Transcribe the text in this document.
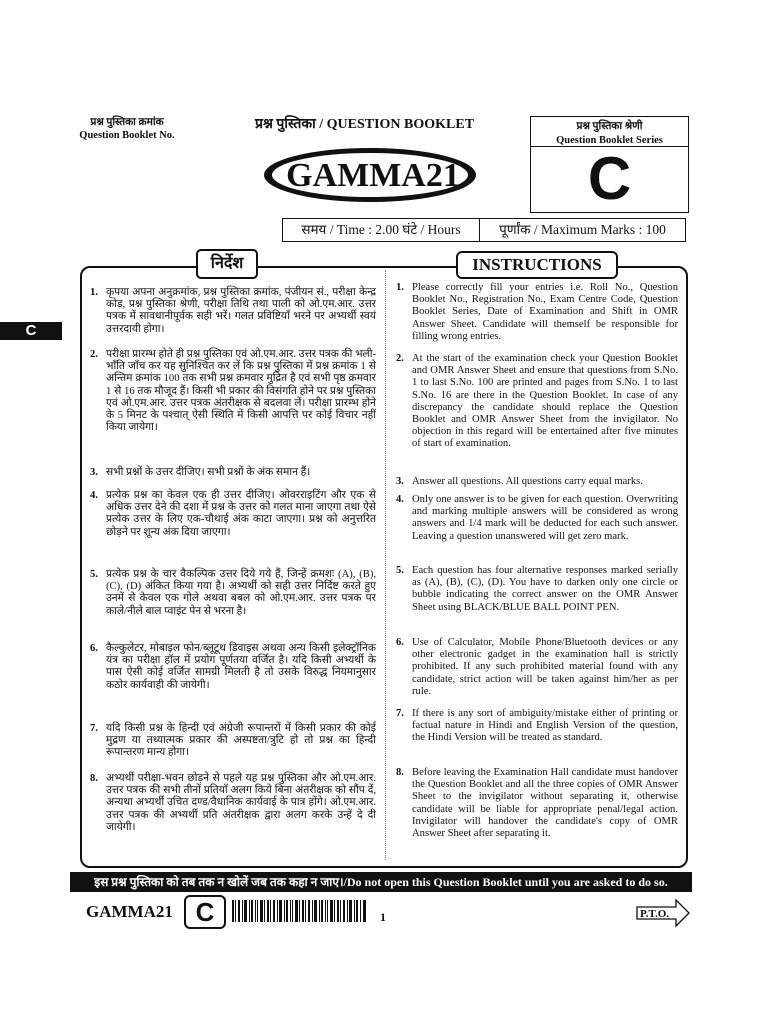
प्रश्न पुस्तिका क्रमांक
Question Booklet No.
प्रश्न पुस्तिका / QUESTION BOOKLET	प्रश्न पुस्तिका श्रेणी
Question Booklet Series
C
GAMMA21
समय / Time : 2.00 घंटे / Hours	पूर्णांक / Maximum Marks : 100
C
निर्देश	INSTRUCTIONS
1. कृपया अपना अनुक्रमांक, प्रश्न पुस्तिका क्रमांक, पंजीयन सं., परीक्षा केन्द्र कोड, प्रश्न पुस्तिका श्रेणी, परीक्षा तिथि तथा पाली को ओ.एम.आर. उत्तर पत्रक में सावधानीपूर्वक सही भरें। गलत प्रविष्टियाँ भरने पर अभ्यर्थी स्वयं उत्तरदायी होगा।
2. परीक्षा प्रारम्भ होते ही प्रश्न पुस्तिका एवं ओ.एम.आर. उत्तर पत्रक की भली-भाँति जाँच कर यह सुनिश्चित कर लें कि प्रश्न पुस्तिका में प्रश्न क्रमांक 1 से अन्तिम क्रमांक 100 तक सभी प्रश्न क्रमवार मुद्रित है एवं सभी पृष्ठ क्रमवार 1 से 16 तक मौजूद हैं। किसी भी प्रकार की विसंगति होने पर प्रश्न पुस्तिका एवं ओ.एम.आर. उत्तर पत्रक अंतरीक्षक से बदलवा लें। परीक्षा प्रारम्भ होने के 5 मिनट के पश्चात् ऐसी स्थिति में किसी आपत्ति पर कोई विचार नहीं किया जायेगा।
3. सभी प्रश्नों के उत्तर दीजिए। सभी प्रश्नों के अंक समान हैं।
4. प्रत्येक प्रश्न का केवल एक ही उत्तर दीजिए। ओवरराइटिंग और एक से अधिक उत्तर देने की दशा में प्रश्न के उत्तर को गलत माना जाएगा तथा ऐसे प्रत्येक उत्तर के लिए एक-चौथाई अंक काटा जाएगा। प्रश्न को अनुत्तरित छोड़ने पर शून्य अंक दिया जाएगा।
5. प्रत्येक प्रश्न के चार वैकल्पिक उत्तर दिये गये हैं, जिन्हें क्रमशः (A), (B), (C), (D) अंकित किया गया है। अभ्यर्थी को सही उत्तर निर्दिष्ट करते हुए उनमें से केवल एक गोले अथवा बबल को ओ.एम.आर. उत्तर पत्रक पर काले/नीले बाल प्वाइंट पेन से भरना है।
6. कैल्कुलेटर, मोबाइल फोन/ब्लूटूथ डिवाइस अथवा अन्य किसी इलेक्ट्रॉनिक यंत्र का परीक्षा हॉल में प्रयोग पूर्णतया वर्जित है। यदि किसी अभ्यर्थी के पास ऐसी कोई वर्जित सामग्री मिलती है तो उसके विरुद्ध नियमानुसार कठोर कार्यवाही की जायेगी।
7. यदि किसी प्रश्न के हिन्दी एवं अंग्रेजी रूपान्तरों में किसी प्रकार की कोई मुद्रण या तथ्यात्मक प्रकार की अस्पष्टता/त्रुटि हो तो प्रश्न का हिन्दी रूपान्तरण मान्य होगा।
8. अभ्यर्थी परीक्षा-भवन छोड़ने से पहले यह प्रश्न पुस्तिका और ओ.एम.आर. उत्तर पत्रक की सभी तीनों प्रतियाँ अलग किये बिना अंतरीक्षक को सौंप दें, अन्यथा अभ्यर्थी उचित दण्ड/वैधानिक कार्यवाई के पात्र होंगे। ओ.एम.आर. उत्तर पत्रक की अभ्यर्थी प्रति अंतरीक्षक द्वारा अलग करके उन्हें दे दी जायेगी।
1. Please correctly fill your entries i.e. Roll No., Question Booklet No., Registration No., Exam Centre Code, Question Booklet Series, Date of Examination and Shift in OMR Answer Sheet. Candidate will themself be responsible for filling wrong entries.
2. At the start of the examination check your Question Booklet and OMR Answer Sheet and ensure that questions from S.No. 1 to last S.No. 100 are printed and pages from S.No. 1 to last S.No. 16 are there in the Question Booklet. In case of any discrepancy the candidate should replace the Question Booklet and OMR Answer Sheet from the invigilator. No objection in this regard will be entertained after five minutes of start of examination.
3. Answer all questions. All questions carry equal marks.
4. Only one answer is to be given for each question. Overwriting and marking multiple answers will be considered as wrong answers and 1/4 mark will be deducted for each such answer. Leaving a question unanswered will get zero mark.
5. Each question has four alternative responses marked serially as (A), (B), (C), (D). You have to darken only one circle or bubble indicating the correct answer on the OMR Answer Sheet using BLACK/BLUE BALL POINT PEN.
6. Use of Calculator, Mobile Phone/Bluetooth devices or any other electronic gadget in the examination hall is strictly prohibited. If any such prohibited material found with any candidate, strict action will be taken against him/her as per rule.
7. If there is any sort of ambiguity/mistake either of printing or factual nature in Hindi and English Version of the question, the Hindi Version will be treated as standard.
8. Before leaving the Examination Hall candidate must handover the Question Booklet and all the three copies of OMR Answer Sheet to the invigilator without separating it, otherwise candidate will be liable for appropriate penal/legal action. Invigilator will handover the candidate's copy of OMR Answer Sheet after separating it.
इस प्रश्न पुस्तिका को तब तक न खोलें जब तक कहा न जाए।/Do not open this Question Booklet until you are asked to do so.
GAMMA21 C	1	P.T.O.
